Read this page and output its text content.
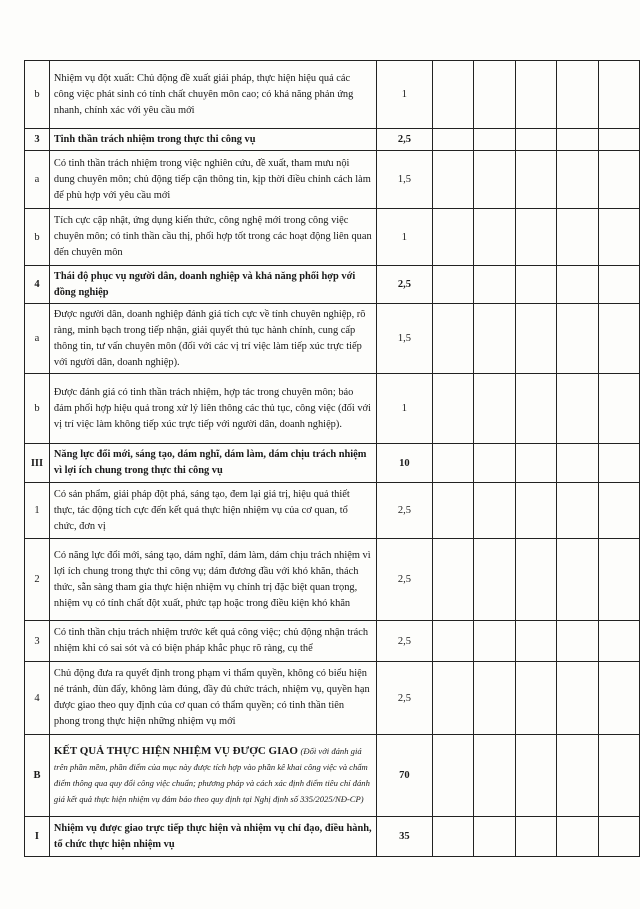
b	Nhiệm vụ đột xuất: Chủ động đề xuất giải pháp, thực hiện hiệu quả các công việc phát sinh có tính chất chuyên môn cao; có khả năng phản ứng nhanh, chính xác với yêu cầu mới	1					
3	Tinh thần trách nhiệm trong thực thi công vụ	2,5					
a	Có tinh thần trách nhiệm trong việc nghiên cứu, đề xuất, tham mưu nội dung chuyên môn; chủ động tiếp cận thông tin, kịp thời điều chỉnh cách làm để phù hợp với yêu cầu mới	1,5					
b	Tích cực cập nhật, ứng dụng kiến thức, công nghệ mới trong công việc chuyên môn; có tinh thần cầu thị, phối hợp tốt trong các hoạt động liên quan đến chuyên môn	1					
4	Thái độ phục vụ người dân, doanh nghiệp và khả năng phối hợp với đồng nghiệp	2,5					
a	Được người dân, doanh nghiệp đánh giá tích cực về tính chuyên nghiệp, rõ ràng, minh bạch trong tiếp nhận, giải quyết thủ tục hành chính, cung cấp thông tin, tư vấn chuyên môn (đối với các vị trí việc làm tiếp xúc trực tiếp với người dân, doanh nghiệp).	1,5					
b	Được đánh giá có tinh thần trách nhiệm, hợp tác trong chuyên môn; bảo đảm phối hợp hiệu quả trong xử lý liên thông các thủ tục, công việc (đối với vị trí việc làm không tiếp xúc trực tiếp với người dân, doanh nghiệp).	1					
III	Năng lực đổi mới, sáng tạo, dám nghĩ, dám làm, dám chịu trách nhiệm vì lợi ích chung trong thực thi công vụ	10					
1	Có sản phẩm, giải pháp đột phá, sáng tạo, đem lại giá trị, hiệu quả thiết thực, tác động tích cực đến kết quả thực hiện nhiệm vụ của cơ quan, tổ chức, đơn vị	2,5					
2	Có năng lực đổi mới, sáng tạo, dám nghĩ, dám làm, dám chịu trách nhiệm vì lợi ích chung trong thực thi công vụ; dám đương đầu với khó khăn, thách thức, sẵn sàng tham gia thực hiện nhiệm vụ chính trị đặc biệt quan trọng, nhiệm vụ có tính chất đột xuất, phức tạp hoặc trong điều kiện khó khăn	2,5					
3	Có tinh thần chịu trách nhiệm trước kết quả công việc; chủ động nhận trách nhiệm khi có sai sót và có biện pháp khắc phục rõ ràng, cụ thể	2,5					
4	Chủ động đưa ra quyết định trong phạm vi thẩm quyền, không có biểu hiện né tránh, đùn đẩy, không làm đúng, đầy đủ chức trách, nhiệm vụ, quyền hạn được giao theo quy định của cơ quan có thẩm quyền; có tinh thần tiên phong trong thực hiện những nhiệm vụ mới	2,5					
B	KẾT QUẢ THỰC HIỆN NHIỆM VỤ ĐƯỢC GIAO (Đối với đánh giá trên phần mềm, phần điểm của mục này được tích hợp vào phần kê khai công việc và chấm điểm thông qua quy đổi công việc chuẩn; phương pháp và cách xác định điểm tiêu chí đánh giá kết quả thực hiện nhiệm vụ đảm bảo theo quy định tại Nghị định số 335/2025/NĐ-CP)	70					
I	Nhiệm vụ được giao trực tiếp thực hiện và nhiệm vụ chỉ đạo, điều hành, tổ chức thực hiện nhiệm vụ	35					
